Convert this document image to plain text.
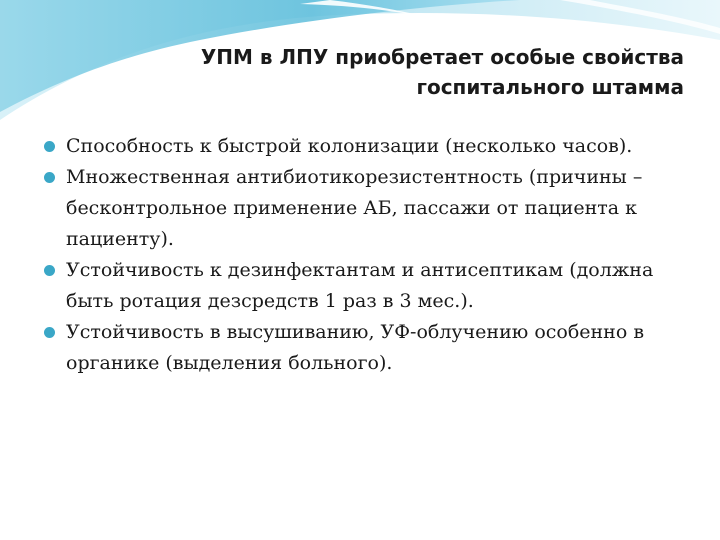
УПМ в ЛПУ приобретает особые свойства
госпитального штамма
Способность к быстрой колонизации (несколько часов).
Множественная антибиотикорезистентность (причины – бесконтрольное применение АБ, пассажи от пациента к пациенту).
Устойчивость к дезинфектантам и антисептикам (должна быть ротация дезсредств 1 раз в 3 мес.).
Устойчивость в высушиванию, УФ-облучению особенно в органике (выделения больного).
